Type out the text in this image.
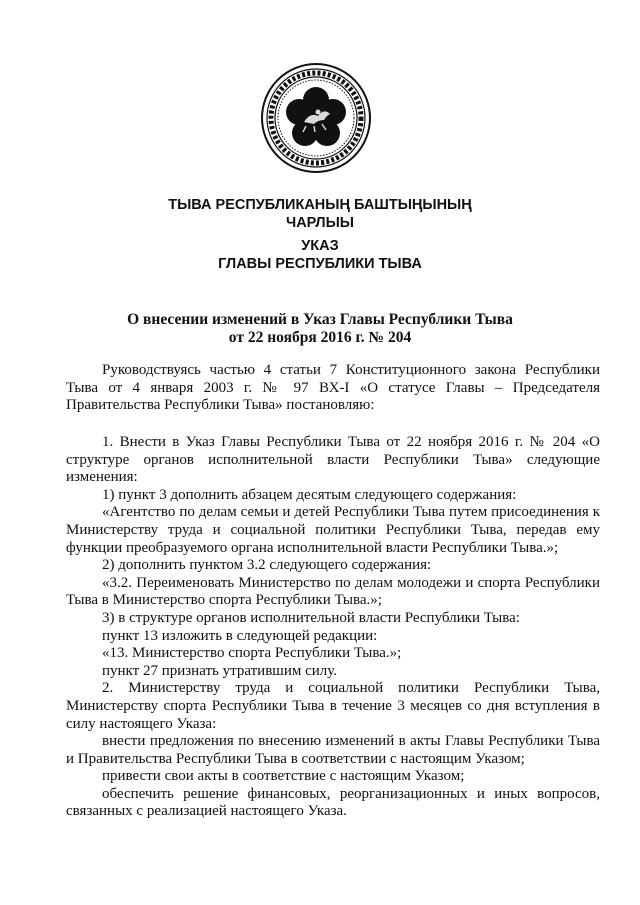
ТЫВА РЕСПУБЛИКАНЫҢ БАШТЫҢЫНЫҢ
ЧАРЛЫЫ
УКАЗ
ГЛАВЫ РЕСПУБЛИКИ ТЫВА
О внесении изменений в Указ Главы Республики Тыва
от 22 ноября 2016 г. № 204

Руководствуясь частью 4 статьи 7 Конституционного закона Республики Тыва от 4 января 2003 г. № 97 ВХ-I «О статусе Главы – Председателя Правительства Республики Тыва» постановляю:

1. Внести в Указ Главы Республики Тыва от 22 ноября 2016 г. № 204 «О структуре органов исполнительной власти Республики Тыва» следующие изменения:

1) пункт 3 дополнить абзацем десятым следующего содержания:

«Агентство по делам семьи и детей Республики Тыва путем присоединения к Министерству труда и социальной политики Республики Тыва, передав ему функции преобразуемого органа исполнительной власти Республики Тыва.»;

2) дополнить пунктом 3.2 следующего содержания:

«3.2. Переименовать Министерство по делам молодежи и спорта Республики Тыва в Министерство спорта Республики Тыва.»;

3) в структуре органов исполнительной власти Республики Тыва:

пункт 13 изложить в следующей редакции:

«13. Министерство спорта Республики Тыва.»;

пункт 27 признать утратившим силу.

2. Министерству труда и социальной политики Республики Тыва, Министерству спорта Республики Тыва в течение 3 месяцев со дня вступления в силу настоящего Указа:

внести предложения по внесению изменений в акты Главы Республики Тыва и Правительства Республики Тыва в соответствии с настоящим Указом;

привести свои акты в соответствие с настоящим Указом;

обеспечить решение финансовых, реорганизационных и иных вопросов, связанных с реализацией настоящего Указа.
